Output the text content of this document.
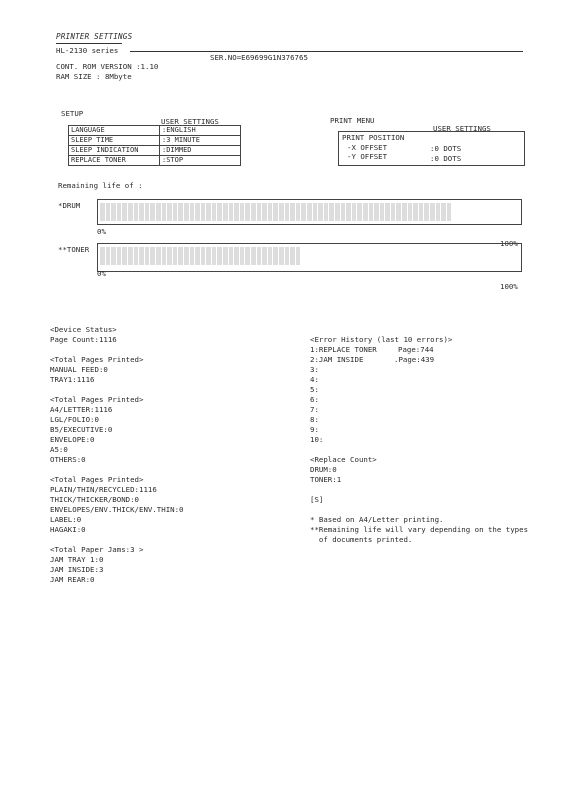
PRINTER SETTINGS
HL-2130 series
SER.NO=E69699G1N376765
CONT. ROM VERSION :1.10
RAM SIZE : 8Mbyte
SETUP
USER SETTINGS
LANGUAGE	:ENGLISH
SLEEP TIME	:3 MINUTE
SLEEP INDICATION	:DIMMED
REPLACE TONER	:STOP
PRINT MENU
USER SETTINGS
PRINT POSITION
-X OFFSET	:0 DOTS
-Y OFFSET	:0 DOTS
Remaining life of :
*DRUM
0%
100%
**TONER
0%
100%
<Device Status>
Page Count:1116

<Total Pages Printed>
MANUAL FEED:0
TRAY1:1116

<Total Pages Printed>
A4/LETTER:1116
LGL/FOLIO:0
B5/EXECUTIVE:0
ENVELOPE:0
A5:0
OTHERS:0

<Total Pages Printed>
PLAIN/THIN/RECYCLED:1116
THICK/THICKER/BOND:0
ENVELOPES/ENV.THICK/ENV.THIN:0
LABEL:0
HAGAKI:0

<Total Paper Jams:3 >
JAM TRAY 1:0
JAM INSIDE:3
JAM REAR:0
<Error History (last 10 errors)>
1:REPLACE TONER	Page:744
2:JAM INSIDE	.Page:439
3:
4:
5:
6:
7:
8:
9:
10:

<Replace Count>
DRUM:0
TONER:1

[S]

* Based on A4/Letter printing.
**Remaining life will vary depending on the types
of documents printed.
